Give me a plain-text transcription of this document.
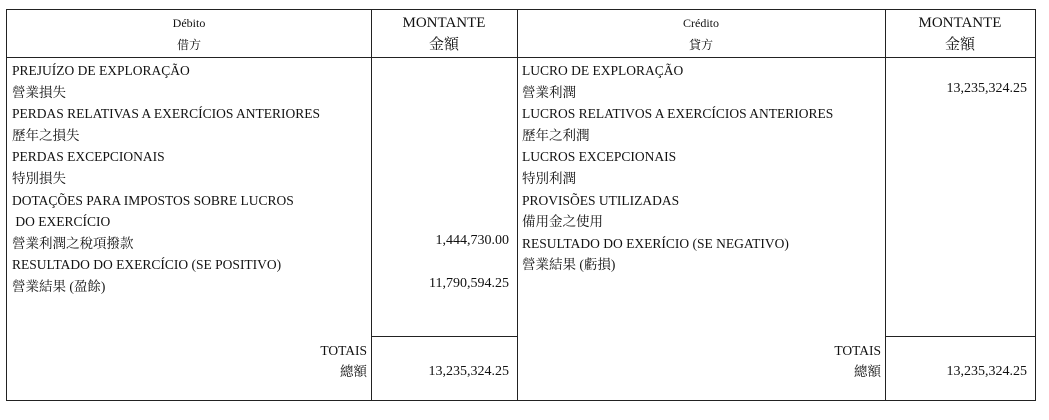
Débito
借方
MONTANTE
金額
Crédito
貸方
MONTANTE
金額
PREJUÍZO DE EXPLORAÇÃO
營業損失
PERDAS RELATIVAS A EXERCÍCIOS ANTERIORES
歷年之損失
PERDAS EXCEPCIONAIS
特別損失
DOTAÇÕES PARA IMPOSTOS SOBRE LUCROS
DO EXERCÍCIO
營業利潤之稅項撥款
RESULTADO DO EXERCÍCIO (SE POSITIVO)
營業結果 (盈餘)
LUCRO DE EXPLORAÇÃO
營業利潤
LUCROS RELATIVOS A EXERCÍCIOS ANTERIORES
歷年之利潤
LUCROS EXCEPCIONAIS
特別利潤
PROVISÕES UTILIZADAS
備用金之使用
RESULTADO DO EXERÍCIO (SE NEGATIVO)
營業結果 (虧損)
1,444,730.00
11,790,594.25
13,235,324.25
TOTAIS
總額	13,235,324.25
TOTAIS
總額	13,235,324.25
